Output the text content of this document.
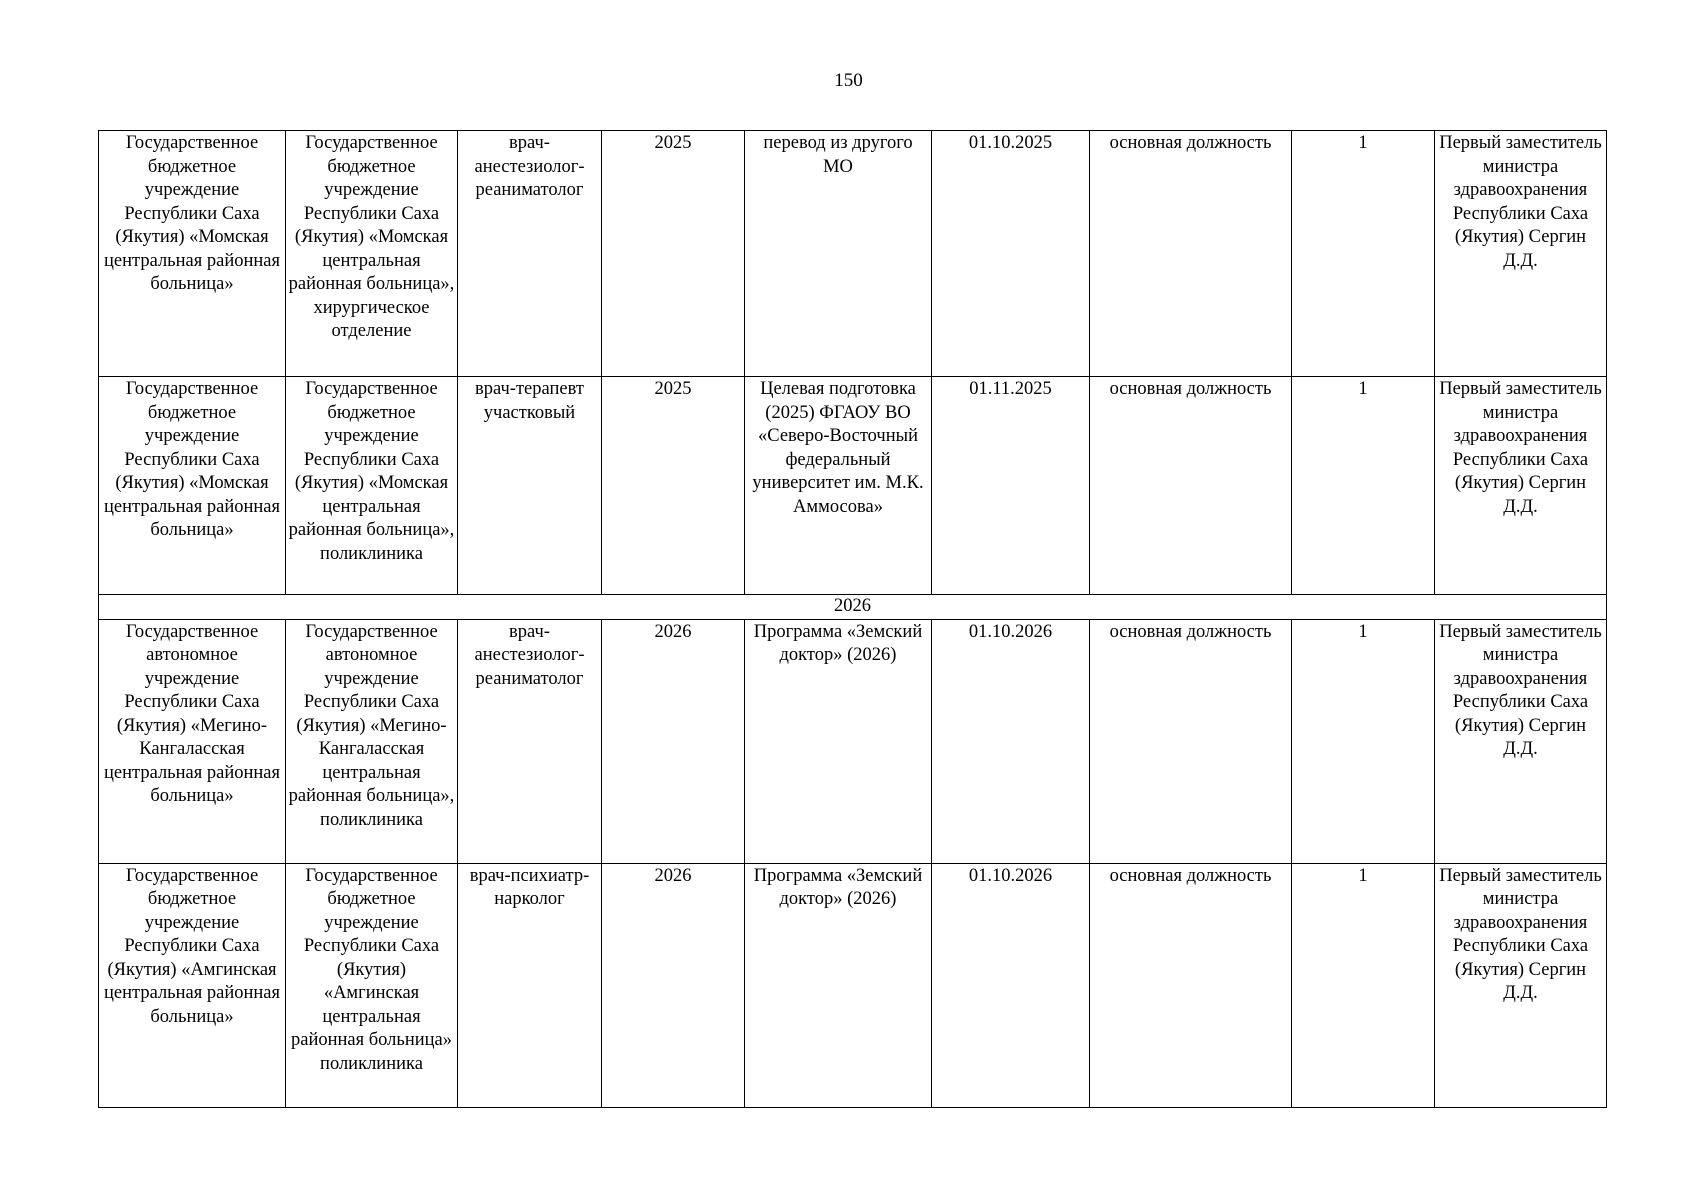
150
Государственное бюджетное учреждение Республики Саха (Якутия) «Момская центральная районная больница»	Государственное бюджетное учреждение Республики Саха (Якутия) «Момская центральная районная больница», хирургическое отделение	врач-анестезиолог-реаниматолог	2025	перевод из другого МО	01.10.2025	основная должность	1	Первый заместитель министра здравоохранения Республики Саха (Якутия) Сергин Д.Д.
Государственное бюджетное учреждение Республики Саха (Якутия) «Момская центральная районная больница»	Государственное бюджетное учреждение Республики Саха (Якутия) «Момская центральная районная больница», поликлиника	врач-терапевт участковый	2025	Целевая подготовка (2025) ФГАОУ ВО «Северо-Восточный федеральный университет им. М.К. Аммосова»	01.11.2025	основная должность	1	Первый заместитель министра здравоохранения Республики Саха (Якутия) Сергин Д.Д.
2026								
Государственное автономное учреждение Республики Саха (Якутия) «Мегино-Кангаласская центральная районная больница»	Государственное автономное учреждение Республики Саха (Якутия) «Мегино-Кангаласская центральная районная больница», поликлиника	врач-анестезиолог-реаниматолог	2026	Программа «Земский доктор» (2026)	01.10.2026	основная должность	1	Первый заместитель министра здравоохранения Республики Саха (Якутия) Сергин Д.Д.
Государственное бюджетное учреждение Республики Саха (Якутия) «Амгинская центральная районная больница»	Государственное бюджетное учреждение Республики Саха (Якутия) «Амгинская центральная районная больница» поликлиника	врач-психиатр-нарколог	2026	Программа «Земский доктор» (2026)	01.10.2026	основная должность	1	Первый заместитель министра здравоохранения Республики Саха (Якутия) Сергин Д.Д.
